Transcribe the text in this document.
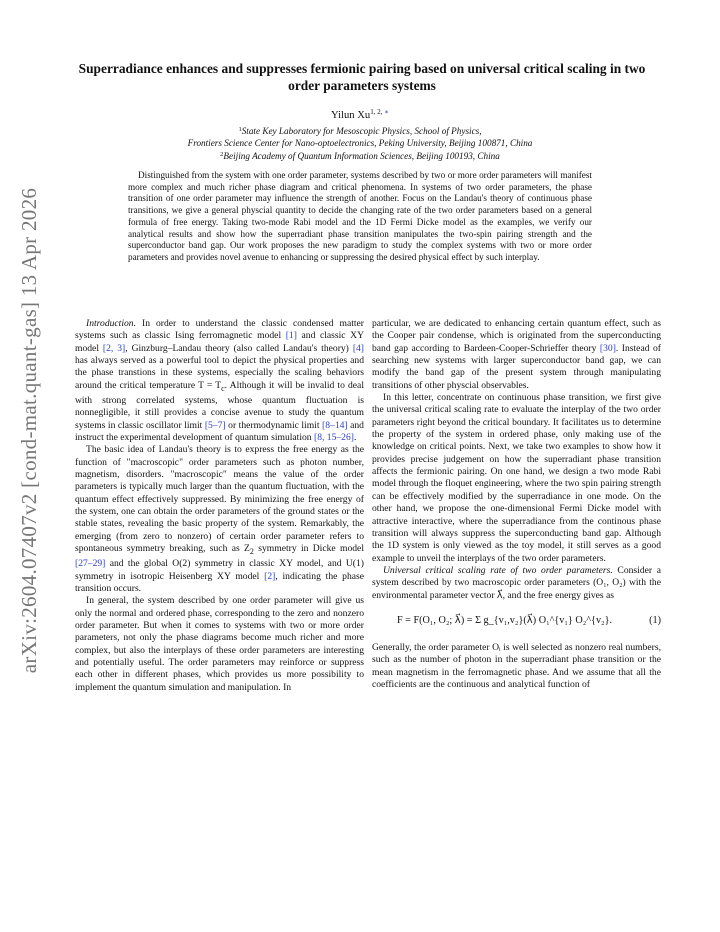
arXiv:2604.07407v2 [cond-mat.quant-gas] 13 Apr 2026
Superradiance enhances and suppresses fermionic pairing based on universal critical scaling in two order parameters systems
Yilun $Xu^{1, 2, ∗}$
$^1$State Key Laboratory for Mesoscopic Physics, School of Physics,
Frontiers Science Center for Nano-optoelectronics, Peking University, Beijing 100871, China
$^2$Beijing Academy of Quantum Information Sciences, Beijing 100193, China
Distinguished from the system with one order parameter, systems described by two or more order parameters will manifest more complex and much richer phase diagram and critical phenomena. In systems of two order parameters, the phase transition of one order parameter may influence the strength of another. Focus on the Landau's theory of continuous phase transitions, we give a general physcial quantity to decide the changing rate of the two order parameters based on a general formula of free energy. Taking two-mode Rabi model and the 1D Fermi Dicke model as the examples, we verify our analytical results and show how the superradiant phase transition manipulates the two-spin pairing strength and the superconductor band gap. Our work proposes the new paradigm to study the complex systems with two or more order parameters and provides novel avenue to enhancing or suppressing the desired physical effect by such interplay.

Introduction. In order to understand the classic condensed matter systems such as classic Ising ferromagnetic model [1] and classic XY model [2, 3], Ginzburg–Landau theory (also called Landau's theory) [4] has always served as a powerful tool to depict the physical properties and the phase transtions in these systems, especially the scaling behaviors around the critical temperature $T = T_c$. Although it will be invalid to deal with strong correlated systems, whose quantum fluctuation is nonnegligible, it still provides a concise avenue to study the quantum systems in classic oscillator limit [5–7] or thermodynamic limit [8–14] and instruct the experimental development of quantum simulation [8, 15–26].

The basic idea of Landau's theory is to express the free energy as the function of "macroscopic" order parameters such as photon number, magnetism, disorders. "macroscopic" means the value of the order parameters is typically much larger than the quantum fluctuation, with the quantum effect effectively suppressed. By minimizing the free energy of the system, one can obtain the order parameters of the ground states or the stable states, revealing the basic property of the system. Remarkably, the emerging (from zero to nonzero) of certain order parameter refers to spontaneous symmetry breaking, such as $Z_2$ symmetry in Dicke model [27–29] and the global O(2) symmetry in classic XY model, and U(1) symmetry in isotropic Heisenberg XY model [2], indicating the phase transition occurs.

In general, the system described by one order parameter will give us only the normal and ordered phase, corresponding to the zero and nonzero order parameter. But when it comes to systems with two or more order parameters, not only the phase diagrams become much richer and more complex, but also the interplays of these order parameters are interesting and potentially useful. The order parameters may reinforce or suppress each other in different phases, which provides us more possibility to implement the quantum simulation and manipulation. In

particular, we are dedicated to enhancing certain quantum effect, such as the Cooper pair condense, which is originated from the superconducting band gap according to Bardeen-Cooper-Schrieffer theory [30]. Instead of searching new systems with larger superconductor band gap, we can modify the band gap of the present system through manipulating transitions of other physcial observables.

In this letter, concentrate on continuous phase transition, we first give the universal critical scaling rate to evaluate the interplay of the two order parameters right beyond the critical boundary. It facilitates us to determine the property of the system in ordered phase, only making use of the knowledge on critical points. Next, we take two examples to show how it provides precise judgement on how the superradiant phase transition affects the fermionic pairing. On one hand, we design a two mode Rabi model through the floquet engineering, where the two spin pairing strength can be effectively modified by the superradiance in one mode. On the other hand, we propose the one-dimensional Fermi Dicke model with attractive interactive, where the superradiance from the continous phase transition will always suppress the superconducting band gap. Although the 1D system is only viewed as the toy model, it still serves as a good example to unveil the interplays of the two order parameters.

Universal critical scaling rate of two order parameters. Consider a system described by two macroscopic order parameters (O₁, O₂) with the environmental parameter vector λ⃗, and the free energy gives as

F = F(O₁, O₂; λ⃗) = Σ g_{v₁,v₂}(λ⃗) O₁^{v₁} O₂^{v₂}.	(1)

Generally, the order parameter Oᵢ is well selected as nonzero real numbers, such as the number of photon in the superradiant phase transition or the mean magnetism in the ferromagnetic phase. And we assume that all the coefficients are the continuous and analytical function of
